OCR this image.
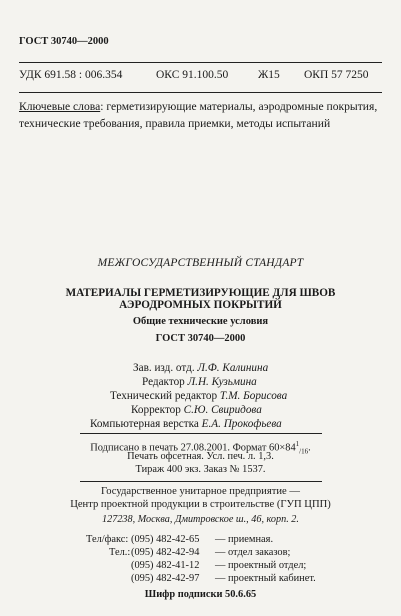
ГОСТ 30740—2000
УДК 691.58 : 006.354	ОКС 91.100.50	Ж15 ОКП 57 7250
Ключевые слова: герметизирующие материалы, аэродромные покрытия, технические требования, правила приемки, методы испытаний
МЕЖГОСУДАРСТВЕННЫЙ СТАНДАРТ
МАТЕРИАЛЫ ГЕРМЕТИЗИРУЮЩИЕ ДЛЯ ШВОВ
АЭРОДРОМНЫХ ПОКРЫТИЙ
Общие технические условия
ГОСТ 30740—2000
Зав. изд. отд. Л.Ф. Калинина
Редактор Л.Н. Кузьмина
Технический редактор Т.М. Борисова
Корректор С.Ю. Свиридова
Компьютерная верстка Е.А. Прокофьева
Подписано в печать 27.08.2001. Формат $60\times 84^1_{/16}$.
Печать офсетная. Усл. печ. л. 1,3.
Тираж 400 экз. Заказ № 1537.
Государственное унитарное предприятие —
Центр проектной продукции в строительстве (ГУП ЦПП)
127238, Москва, Дмитровское ш., 46, корп. 2.
Тел/факс: (095) 482-42-65 — приемная.
Тел.: (095) 482-42-94 — отдел заказов;
(095) 482-41-12 — проектный отдел;
(095) 482-42-97 — проектный кабинет.
Шифр подписки 50.6.65
